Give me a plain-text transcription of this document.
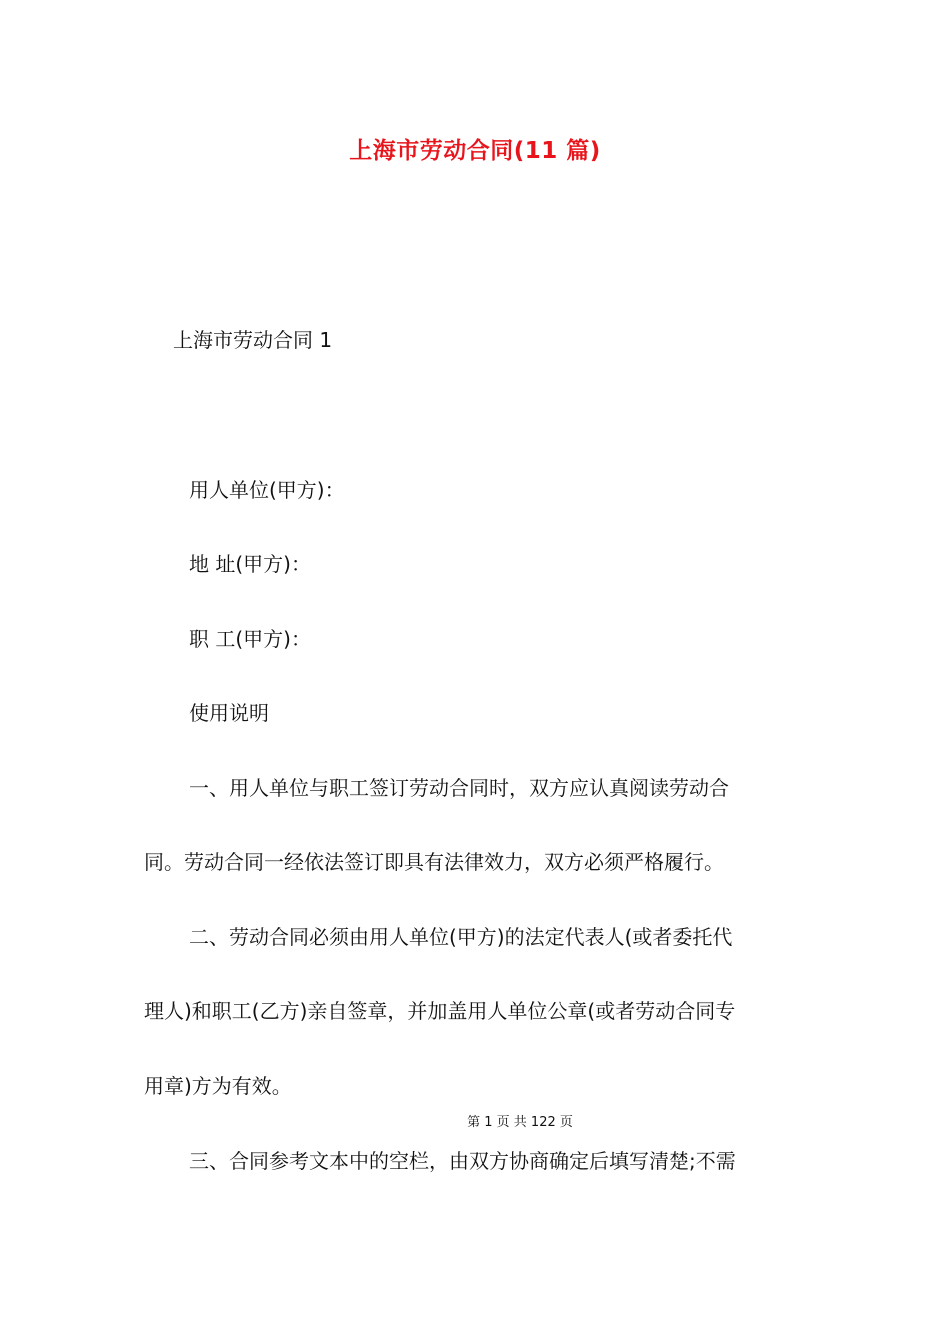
上海市劳动合同(11 篇)
上海市劳动合同 1
用人单位(甲方)：
地 址(甲方)：
职 工(甲方)：
使用说明
一、用人单位与职工签订劳动合同时，双方应认真阅读劳动合
同。劳动合同一经依法签订即具有法律效力，双方必须严格履行。
二、劳动合同必须由用人单位(甲方)的法定代表人(或者委托代
理人)和职工(乙方)亲自签章，并加盖用人单位公章(或者劳动合同专
用章)方为有效。
第 1 页 共 122 页
三、合同参考文本中的空栏，由双方协商确定后填写清楚;不需
